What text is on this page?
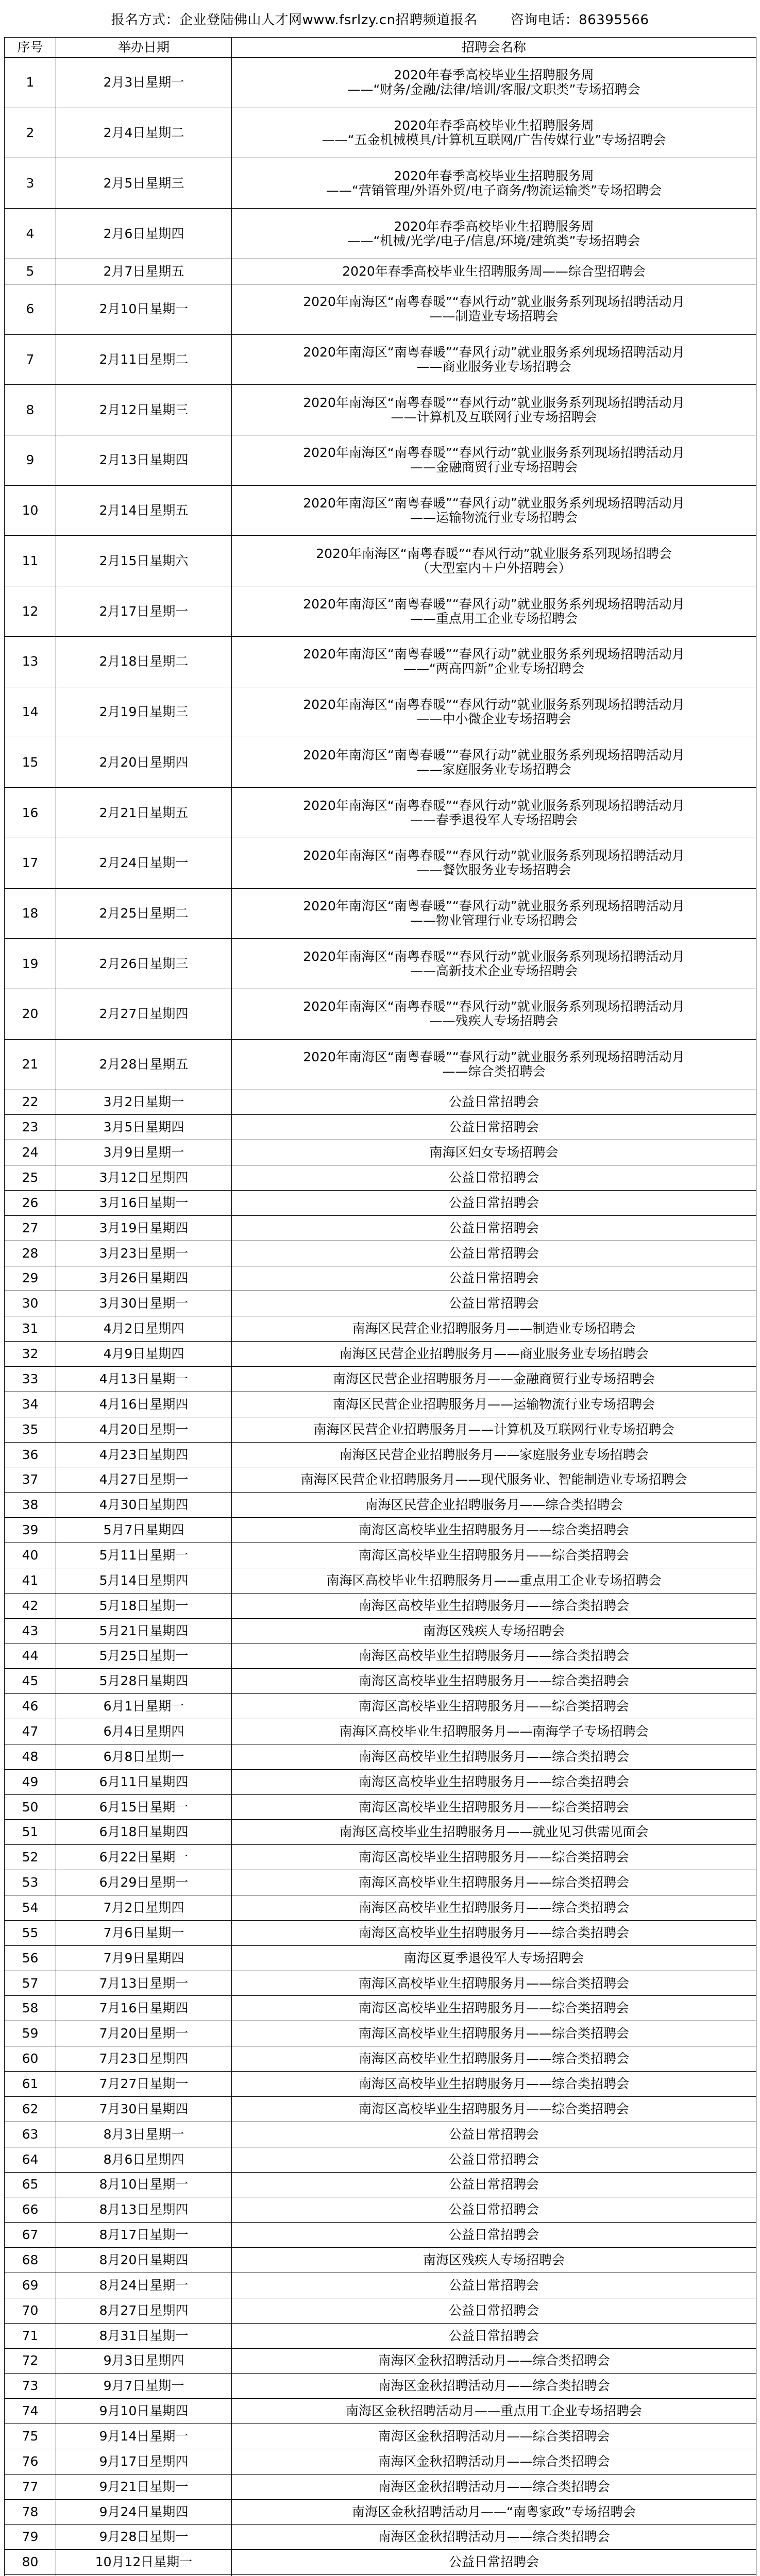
报名方式：企业登陆佛山人才网www.fsrlzy.cn招聘频道报名 咨询电话：86395566
序号	举办日期	招聘会名称
1	2月3日星期一	2020年春季高校毕业生招聘服务周
——“财务/金融/法律/培训/客服/文职类”专场招聘会
2	2月4日星期二	2020年春季高校毕业生招聘服务周
——“五金机械模具/计算机互联网/广告传媒行业”专场招聘会
3	2月5日星期三	2020年春季高校毕业生招聘服务周
——“营销管理/外语外贸/电子商务/物流运输类”专场招聘会
4	2月6日星期四	2020年春季高校毕业生招聘服务周
——“机械/光学/电子/信息/环境/建筑类”专场招聘会
5	2月7日星期五	2020年春季高校毕业生招聘服务周——综合型招聘会
6	2月10日星期一	2020年南海区“南粤春暖”“春风行动”就业服务系列现场招聘活动月
——制造业专场招聘会
7	2月11日星期二	2020年南海区“南粤春暖”“春风行动”就业服务系列现场招聘活动月
——商业服务业专场招聘会
8	2月12日星期三	2020年南海区“南粤春暖”“春风行动”就业服务系列现场招聘活动月
——计算机及互联网行业专场招聘会
9	2月13日星期四	2020年南海区“南粤春暖”“春风行动”就业服务系列现场招聘活动月
——金融商贸行业专场招聘会
10	2月14日星期五	2020年南海区“南粤春暖”“春风行动”就业服务系列现场招聘活动月
——运输物流行业专场招聘会
11	2月15日星期六	2020年南海区“南粤春暖”“春风行动”就业服务系列现场招聘会
（大型室内＋户外招聘会）
12	2月17日星期一	2020年南海区“南粤春暖”“春风行动”就业服务系列现场招聘活动月
——重点用工企业专场招聘会
13	2月18日星期二	2020年南海区“南粤春暖”“春风行动”就业服务系列现场招聘活动月
——“两高四新”企业专场招聘会
14	2月19日星期三	2020年南海区“南粤春暖”“春风行动”就业服务系列现场招聘活动月
——中小微企业专场招聘会
15	2月20日星期四	2020年南海区“南粤春暖”“春风行动”就业服务系列现场招聘活动月
——家庭服务业专场招聘会
16	2月21日星期五	2020年南海区“南粤春暖”“春风行动”就业服务系列现场招聘活动月
——春季退役军人专场招聘会
17	2月24日星期一	2020年南海区“南粤春暖”“春风行动”就业服务系列现场招聘活动月
——餐饮服务业专场招聘会
18	2月25日星期二	2020年南海区“南粤春暖”“春风行动”就业服务系列现场招聘活动月
——物业管理行业专场招聘会
19	2月26日星期三	2020年南海区“南粤春暖”“春风行动”就业服务系列现场招聘活动月
——高新技术企业专场招聘会
20	2月27日星期四	2020年南海区“南粤春暖”“春风行动”就业服务系列现场招聘活动月
——残疾人专场招聘会
21	2月28日星期五	2020年南海区“南粤春暖”“春风行动”就业服务系列现场招聘活动月
——综合类招聘会
22	3月2日星期一	公益日常招聘会
23	3月5日星期四	公益日常招聘会
24	3月9日星期一	南海区妇女专场招聘会
25	3月12日星期四	公益日常招聘会
26	3月16日星期一	公益日常招聘会
27	3月19日星期四	公益日常招聘会
28	3月23日星期一	公益日常招聘会
29	3月26日星期四	公益日常招聘会
30	3月30日星期一	公益日常招聘会
31	4月2日星期四	南海区民营企业招聘服务月——制造业专场招聘会
32	4月9日星期四	南海区民营企业招聘服务月——商业服务业专场招聘会
33	4月13日星期一	南海区民营企业招聘服务月——金融商贸行业专场招聘会
34	4月16日星期四	南海区民营企业招聘服务月——运输物流行业专场招聘会
35	4月20日星期一	南海区民营企业招聘服务月——计算机及互联网行业专场招聘会
36	4月23日星期四	南海区民营企业招聘服务月——家庭服务业专场招聘会
37	4月27日星期一	南海区民营企业招聘服务月——现代服务业、智能制造业专场招聘会
38	4月30日星期四	南海区民营企业招聘服务月——综合类招聘会
39	5月7日星期四	南海区高校毕业生招聘服务月——综合类招聘会
40	5月11日星期一	南海区高校毕业生招聘服务月——综合类招聘会
41	5月14日星期四	南海区高校毕业生招聘服务月——重点用工企业专场招聘会
42	5月18日星期一	南海区高校毕业生招聘服务月——综合类招聘会
43	5月21日星期四	南海区残疾人专场招聘会
44	5月25日星期一	南海区高校毕业生招聘服务月——综合类招聘会
45	5月28日星期四	南海区高校毕业生招聘服务月——综合类招聘会
46	6月1日星期一	南海区高校毕业生招聘服务月——综合类招聘会
47	6月4日星期四	南海区高校毕业生招聘服务月——南海学子专场招聘会
48	6月8日星期一	南海区高校毕业生招聘服务月——综合类招聘会
49	6月11日星期四	南海区高校毕业生招聘服务月——综合类招聘会
50	6月15日星期一	南海区高校毕业生招聘服务月——综合类招聘会
51	6月18日星期四	南海区高校毕业生招聘服务月——就业见习供需见面会
52	6月22日星期一	南海区高校毕业生招聘服务月——综合类招聘会
53	6月29日星期一	南海区高校毕业生招聘服务月——综合类招聘会
54	7月2日星期四	南海区高校毕业生招聘服务月——综合类招聘会
55	7月6日星期一	南海区高校毕业生招聘服务月——综合类招聘会
56	7月9日星期四	南海区夏季退役军人专场招聘会
57	7月13日星期一	南海区高校毕业生招聘服务月——综合类招聘会
58	7月16日星期四	南海区高校毕业生招聘服务月——综合类招聘会
59	7月20日星期一	南海区高校毕业生招聘服务月——综合类招聘会
60	7月23日星期四	南海区高校毕业生招聘服务月——综合类招聘会
61	7月27日星期一	南海区高校毕业生招聘服务月——综合类招聘会
62	7月30日星期四	南海区高校毕业生招聘服务月——综合类招聘会
63	8月3日星期一	公益日常招聘会
64	8月6日星期四	公益日常招聘会
65	8月10日星期一	公益日常招聘会
66	8月13日星期四	公益日常招聘会
67	8月17日星期一	公益日常招聘会
68	8月20日星期四	南海区残疾人专场招聘会
69	8月24日星期一	公益日常招聘会
70	8月27日星期四	公益日常招聘会
71	8月31日星期一	公益日常招聘会
72	9月3日星期四	南海区金秋招聘活动月——综合类招聘会
73	9月7日星期一	南海区金秋招聘活动月——综合类招聘会
74	9月10日星期四	南海区金秋招聘活动月——重点用工企业专场招聘会
75	9月14日星期一	南海区金秋招聘活动月——综合类招聘会
76	9月17日星期四	南海区金秋招聘活动月——综合类招聘会
77	9月21日星期一	南海区金秋招聘活动月——综合类招聘会
78	9月24日星期四	南海区金秋招聘活动月——“南粤家政”专场招聘会
79	9月28日星期一	南海区金秋招聘活动月——综合类招聘会
80	10月12日星期一	公益日常招聘会
